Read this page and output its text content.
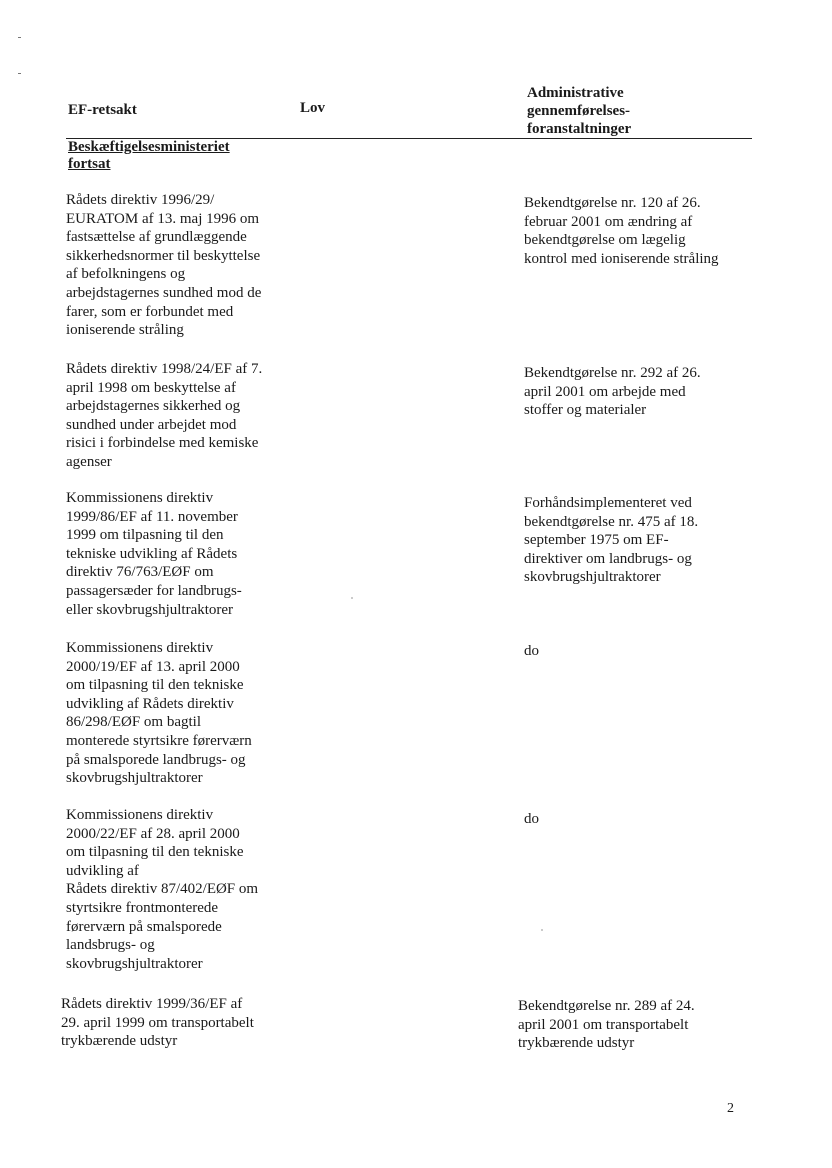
EF-retsakt	Lov
Administrative
gennemførelses-
foranstaltninger
Beskæftigelsesministeriet
fortsat
Rådets direktiv 1996/29/
EURATOM af 13. maj 1996 om
fastsættelse af grundlæggende
sikkerhedsnormer til beskyttelse
af befolkningens og
arbejdstagernes sundhed mod de
farer, som er forbundet med
ioniserende stråling
Bekendtgørelse nr. 120 af 26.
februar 2001 om ændring af
bekendtgørelse om lægelig
kontrol med ioniserende stråling
Rådets direktiv 1998/24/EF af 7.
april 1998 om beskyttelse af
arbejdstagernes sikkerhed og
sundhed under arbejdet mod
risici i forbindelse med kemiske
agenser
Bekendtgørelse nr. 292 af 26.
april 2001 om arbejde med
stoffer og materialer
Kommissionens direktiv
1999/86/EF af 11. november
1999 om tilpasning til den
tekniske udvikling af Rådets
direktiv 76/763/EØF om
passagersæder for landbrugs-
eller skovbrugshjultraktorer
Forhåndsimplementeret ved
bekendtgørelse nr. 475 af 18.
september 1975 om EF-
direktiver om landbrugs- og
skovbrugshjultraktorer
Kommissionens direktiv
2000/19/EF af 13. april 2000
om tilpasning til den tekniske
udvikling af Rådets direktiv
86/298/EØF om bagtil
monterede styrtsikre førerværn
på smalsporede landbrugs- og
skovbrugshjultraktorer
do
Kommissionens direktiv
2000/22/EF af 28. april 2000
om tilpasning til den tekniske
udvikling af
Rådets direktiv 87/402/EØF om
styrtsikre frontmonterede
førerværn på smalsporede
landsbrugs- og
skovbrugshjultraktorer
do
Rådets direktiv 1999/36/EF af
29. april 1999 om transportabelt
trykbærende udstyr
Bekendtgørelse nr. 289 af 24.
april 2001 om transportabelt
trykbærende udstyr
2
